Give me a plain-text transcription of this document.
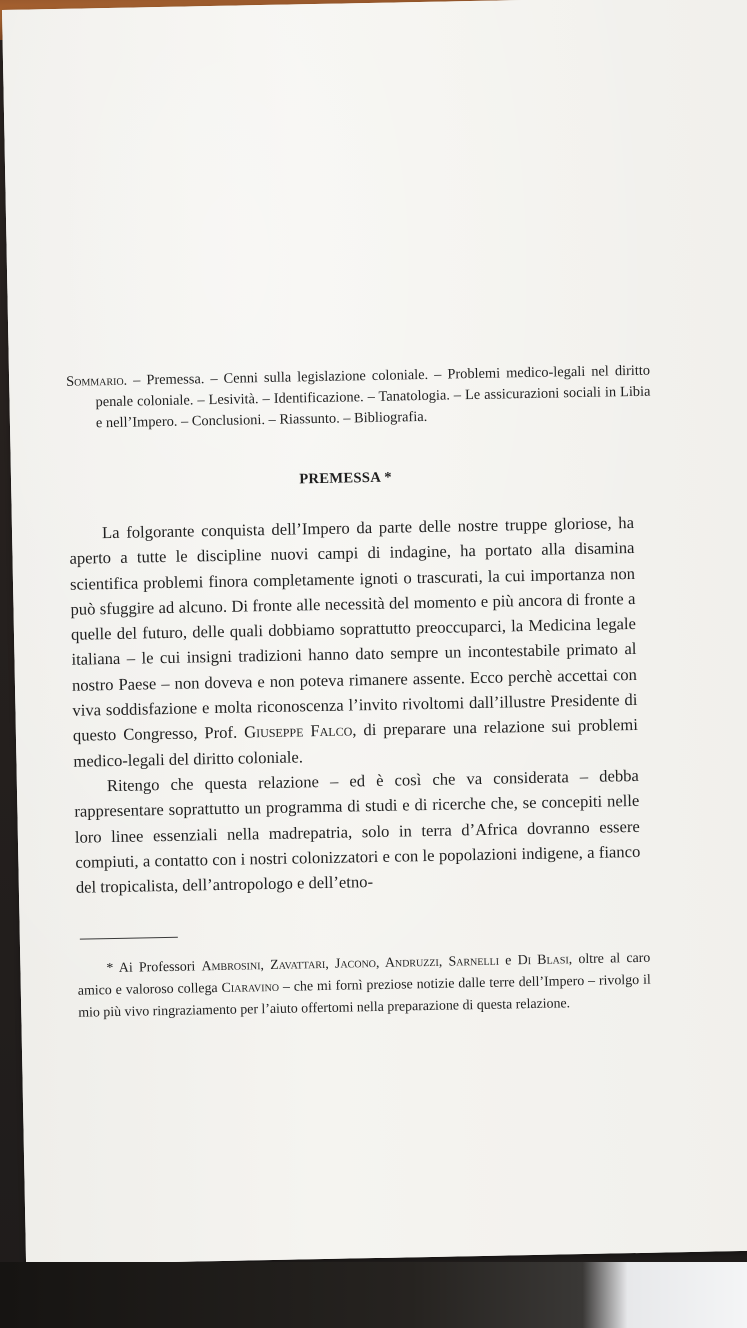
Sommario. – Premessa. – Cenni sulla legislazione coloniale. – Problemi medico-legali nel diritto penale coloniale. – Lesività. – Identificazione. – Tanatologia. – Le assicurazioni sociali in Libia e nell’Impero. – Conclusioni. – Riassunto. – Bibliografia.

PREMESSA *

La folgorante conquista dell’Impero da parte delle nostre truppe gloriose, ha aperto a tutte le discipline nuovi campi di indagine, ha portato alla disamina scientifica problemi finora completamente ignoti o trascurati, la cui importanza non può sfuggire ad alcuno. Di fronte alle necessità del momento e più ancora di fronte a quelle del futuro, delle quali dobbiamo soprattutto preoccuparci, la Medicina legale italiana – le cui insigni tradizioni hanno dato sempre un incontestabile primato al nostro Paese – non doveva e non poteva rimanere assente. Ecco perchè accettai con viva soddisfazione e molta riconoscenza l’invito rivoltomi dall’illustre Presidente di questo Congresso, Prof. Giuseppe Falco, di preparare una relazione sui problemi medico-legali del diritto coloniale.

Ritengo che questa relazione – ed è così che va considerata – debba rappresentare soprattutto un programma di studi e di ricerche che, se concepiti nelle loro linee essenziali nella madrepatria, solo in terra d’Africa dovranno essere compiuti, a contatto con i nostri colonizzatori e con le popolazioni indigene, a fianco del tropicalista, dell’antropologo e dell’etno-

* Ai Professori Ambrosini, Zavattari, Jacono, Andruzzi, Sarnelli e Di Blasi, oltre al caro amico e valoroso collega Ciaravino – che mi fornì preziose notizie dalle terre dell’Impero – rivolgo il mio più vivo ringraziamento per l’aiuto offertomi nella preparazione di questa relazione.
